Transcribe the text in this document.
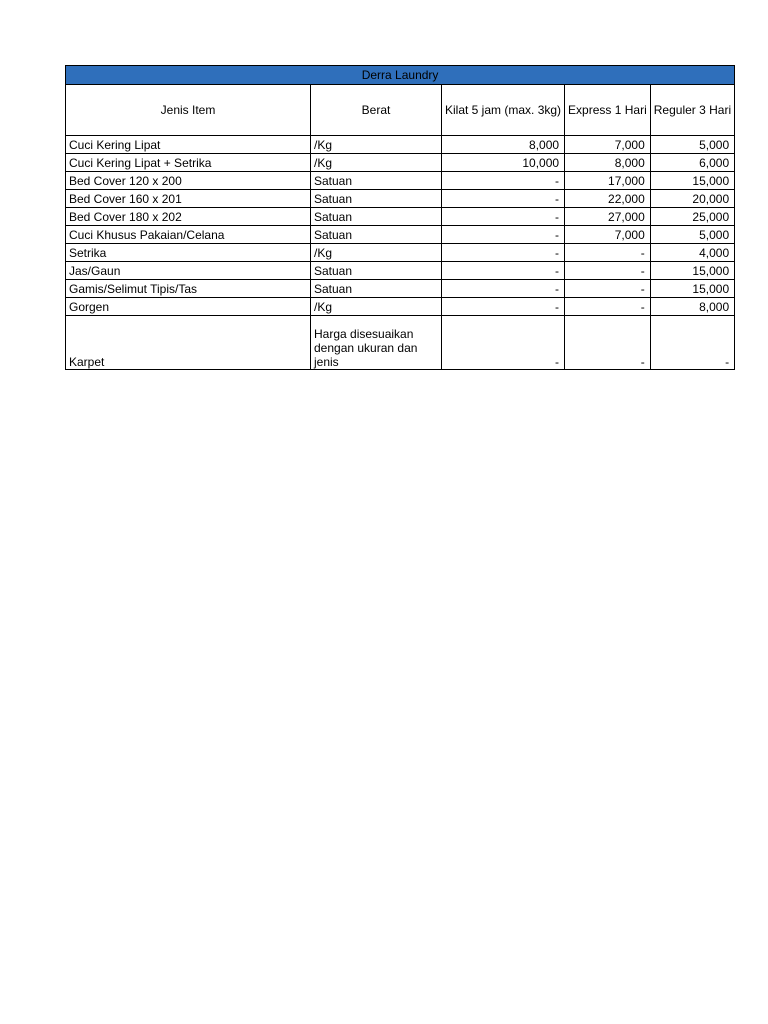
Derra Laundry				
Jenis Item	Berat	Kilat 5 jam (max. 3kg)	Express 1 Hari	Reguler 3 Hari
Cuci Kering Lipat	/Kg	8,000	7,000	5,000
Cuci Kering Lipat + Setrika	/Kg	10,000	8,000	6,000
Bed Cover 120 x 200	Satuan	-	17,000	15,000
Bed Cover 160 x 201	Satuan	-	22,000	20,000
Bed Cover 180 x 202	Satuan	-	27,000	25,000
Cuci Khusus Pakaian/Celana	Satuan	-	7,000	5,000
Setrika	/Kg	-	-	4,000
Jas/Gaun	Satuan	-	-	15,000
Gamis/Selimut Tipis/Tas	Satuan	-	-	15,000
Gorgen	/Kg	-	-	8,000
Karpet	Harga disesuaikan dengan ukuran dan jenis	-	-	-
